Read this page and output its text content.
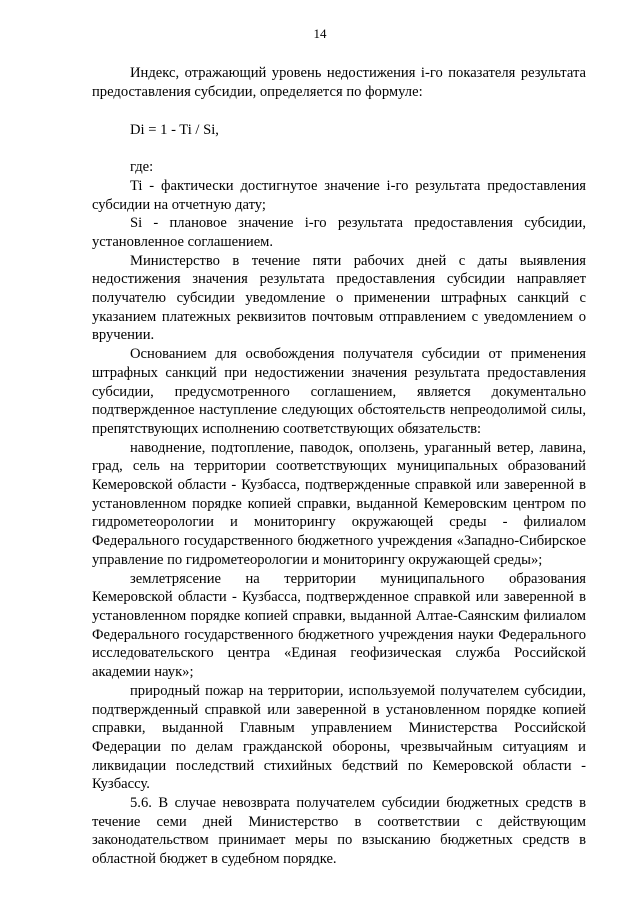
14

Индекс, отражающий уровень недостижения i-го показателя результата предоставления субсидии, определяется по формуле:

Di = 1 - Ti / Si,

где:

Ti - фактически достигнутое значение i-го результата предоставления субсидии на отчетную дату;

Si - плановое значение i-го результата предоставления субсидии, установленное соглашением.

Министерство в течение пяти рабочих дней с даты выявления недостижения значения результата предоставления субсидии направляет получателю субсидии уведомление о применении штрафных санкций с указанием платежных реквизитов почтовым отправлением с уведомлением о вручении.

Основанием для освобождения получателя субсидии от применения штрафных санкций при недостижении значения результата предоставления субсидии, предусмотренного соглашением, является документально подтвержденное наступление следующих обстоятельств непреодолимой силы, препятствующих исполнению соответствующих обязательств:

наводнение, подтопление, паводок, оползень, ураганный ветер, лавина, град, сель на территории соответствующих муниципальных образований Кемеровской области - Кузбасса, подтвержденные справкой или заверенной в установленном порядке копией справки, выданной Кемеровским центром по гидрометеорологии и мониторингу окружающей среды - филиалом Федерального государственного бюджетного учреждения «Западно-Сибирское управление по гидрометеорологии и мониторингу окружающей среды»;

землетрясение на территории муниципального образования Кемеровской области - Кузбасса, подтвержденное справкой или заверенной в установленном порядке копией справки, выданной Алтае-Саянским филиалом Федерального государственного бюджетного учреждения науки Федерального исследовательского центра «Единая геофизическая служба Российской академии наук»;

природный пожар на территории, используемой получателем субсидии, подтвержденный справкой или заверенной в установленном порядке копией справки, выданной Главным управлением Министерства Российской Федерации по делам гражданской обороны, чрезвычайным ситуациям и ликвидации последствий стихийных бедствий по Кемеровской области - Кузбассу.

5.6. В случае невозврата получателем субсидии бюджетных средств в течение семи дней Министерство в соответствии с действующим законодательством принимает меры по взысканию бюджетных средств в областной бюджет в судебном порядке.
